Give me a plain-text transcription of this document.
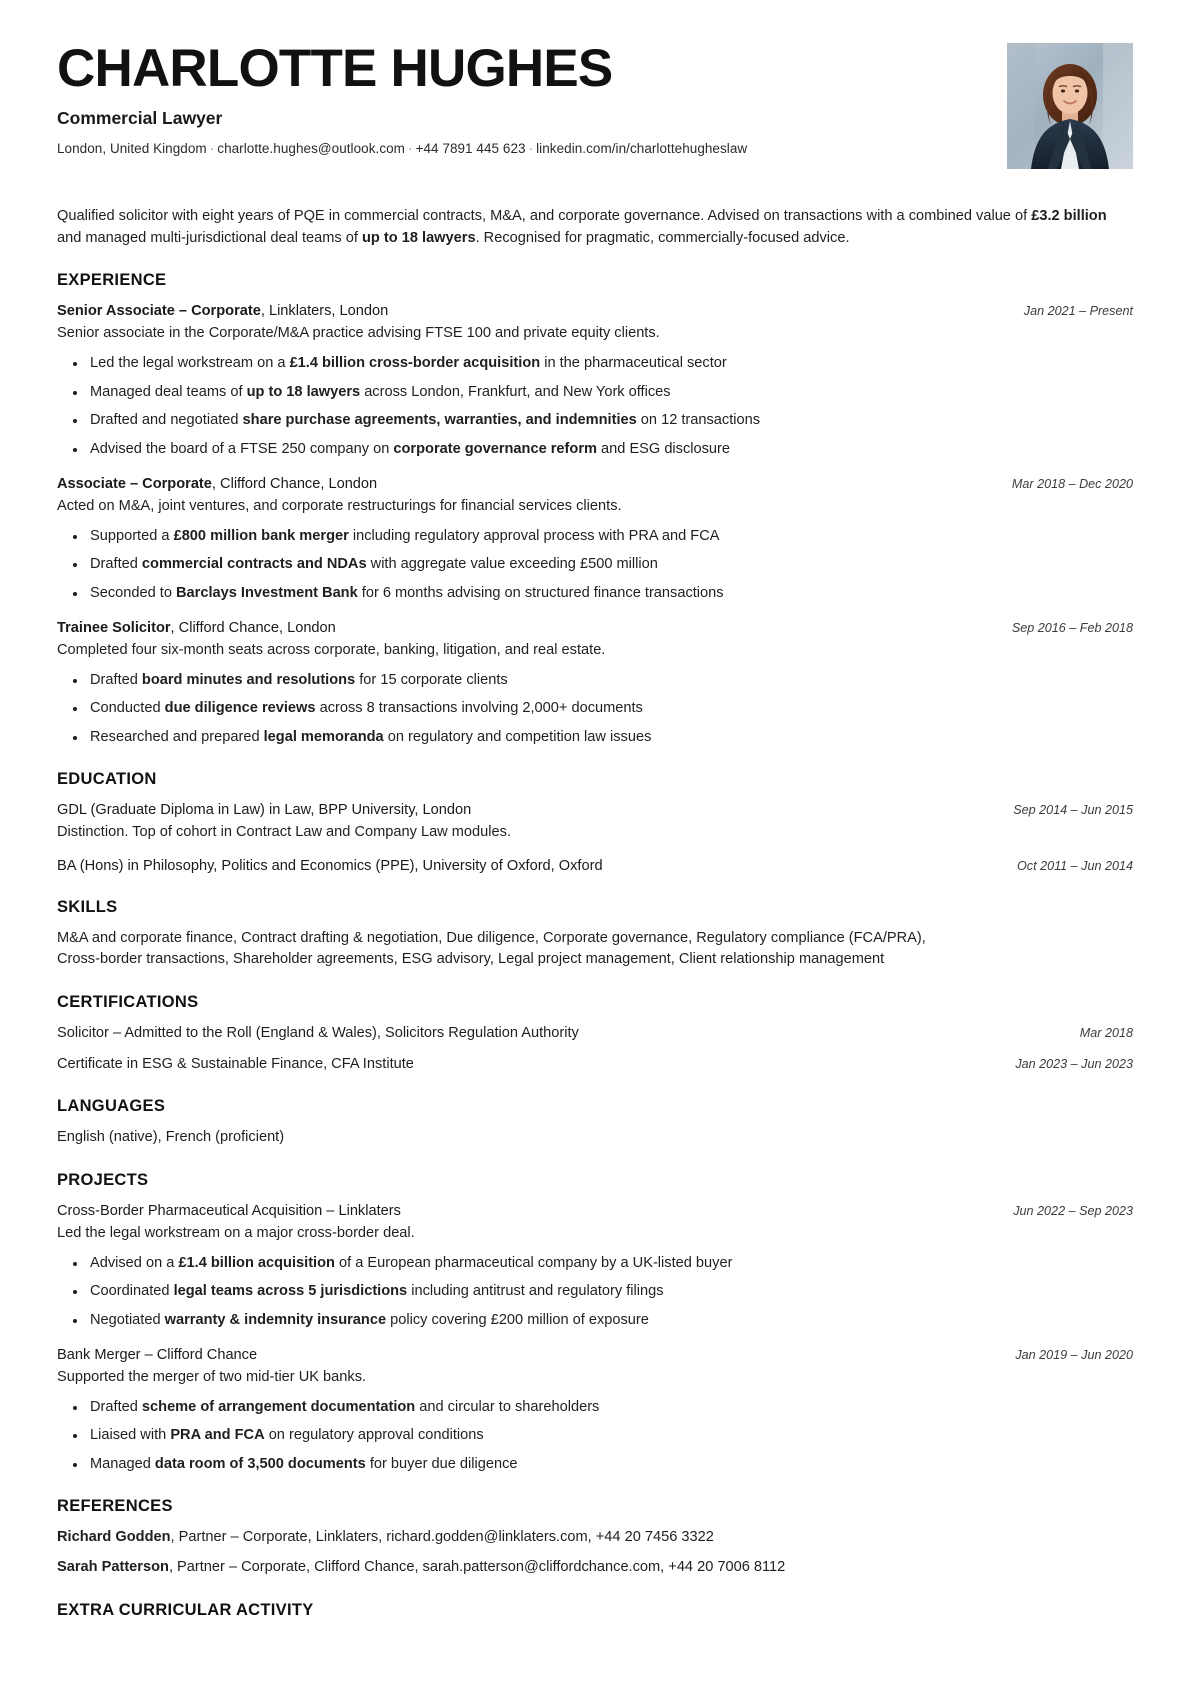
CHARLOTTE HUGHES
Commercial Lawyer
London, United Kingdom · charlotte.hughes@outlook.com · +44 7891 445 623 · linkedin.com/in/charlottehugheslaw
Qualified solicitor with eight years of PQE in commercial contracts, M&A, and corporate governance. Advised on transactions with a combined value of £3.2 billion and managed multi-jurisdictional deal teams of up to 18 lawyers. Recognised for pragmatic, commercially-focused advice.
EXPERIENCE
Senior Associate – Corporate, Linklaters, London	Jan 2021 – Present
Senior associate in the Corporate/M&A practice advising FTSE 100 and private equity clients.
Led the legal workstream on a £1.4 billion cross-border acquisition in the pharmaceutical sector
Managed deal teams of up to 18 lawyers across London, Frankfurt, and New York offices
Drafted and negotiated share purchase agreements, warranties, and indemnities on 12 transactions
Advised the board of a FTSE 250 company on corporate governance reform and ESG disclosure
Associate – Corporate, Clifford Chance, London	Mar 2018 – Dec 2020
Acted on M&A, joint ventures, and corporate restructurings for financial services clients.
Supported a £800 million bank merger including regulatory approval process with PRA and FCA
Drafted commercial contracts and NDAs with aggregate value exceeding £500 million
Seconded to Barclays Investment Bank for 6 months advising on structured finance transactions
Trainee Solicitor, Clifford Chance, London	Sep 2016 – Feb 2018
Completed four six-month seats across corporate, banking, litigation, and real estate.
Drafted board minutes and resolutions for 15 corporate clients
Conducted due diligence reviews across 8 transactions involving 2,000+ documents
Researched and prepared legal memoranda on regulatory and competition law issues
EDUCATION
GDL (Graduate Diploma in Law) in Law, BPP University, London	Sep 2014 – Jun 2015
Distinction. Top of cohort in Contract Law and Company Law modules.
BA (Hons) in Philosophy, Politics and Economics (PPE), University of Oxford, Oxford	Oct 2011 – Jun 2014
SKILLS
M&A and corporate finance, Contract drafting & negotiation, Due diligence, Corporate governance, Regulatory compliance (FCA/PRA),
Cross-border transactions, Shareholder agreements, ESG advisory, Legal project management, Client relationship management
CERTIFICATIONS
Solicitor – Admitted to the Roll (England & Wales), Solicitors Regulation Authority	Mar 2018
Certificate in ESG & Sustainable Finance, CFA Institute	Jan 2023 – Jun 2023
LANGUAGES
English (native), French (proficient)
PROJECTS
Cross-Border Pharmaceutical Acquisition – Linklaters	Jun 2022 – Sep 2023
Led the legal workstream on a major cross-border deal.
Advised on a £1.4 billion acquisition of a European pharmaceutical company by a UK-listed buyer
Coordinated legal teams across 5 jurisdictions including antitrust and regulatory filings
Negotiated warranty & indemnity insurance policy covering £200 million of exposure
Bank Merger – Clifford Chance	Jan 2019 – Jun 2020
Supported the merger of two mid-tier UK banks.
Drafted scheme of arrangement documentation and circular to shareholders
Liaised with PRA and FCA on regulatory approval conditions
Managed data room of 3,500 documents for buyer due diligence
REFERENCES
Richard Godden, Partner – Corporate, Linklaters, richard.godden@linklaters.com, +44 20 7456 3322
Sarah Patterson, Partner – Corporate, Clifford Chance, sarah.patterson@cliffordchance.com, +44 20 7006 8112
EXTRA CURRICULAR ACTIVITY
